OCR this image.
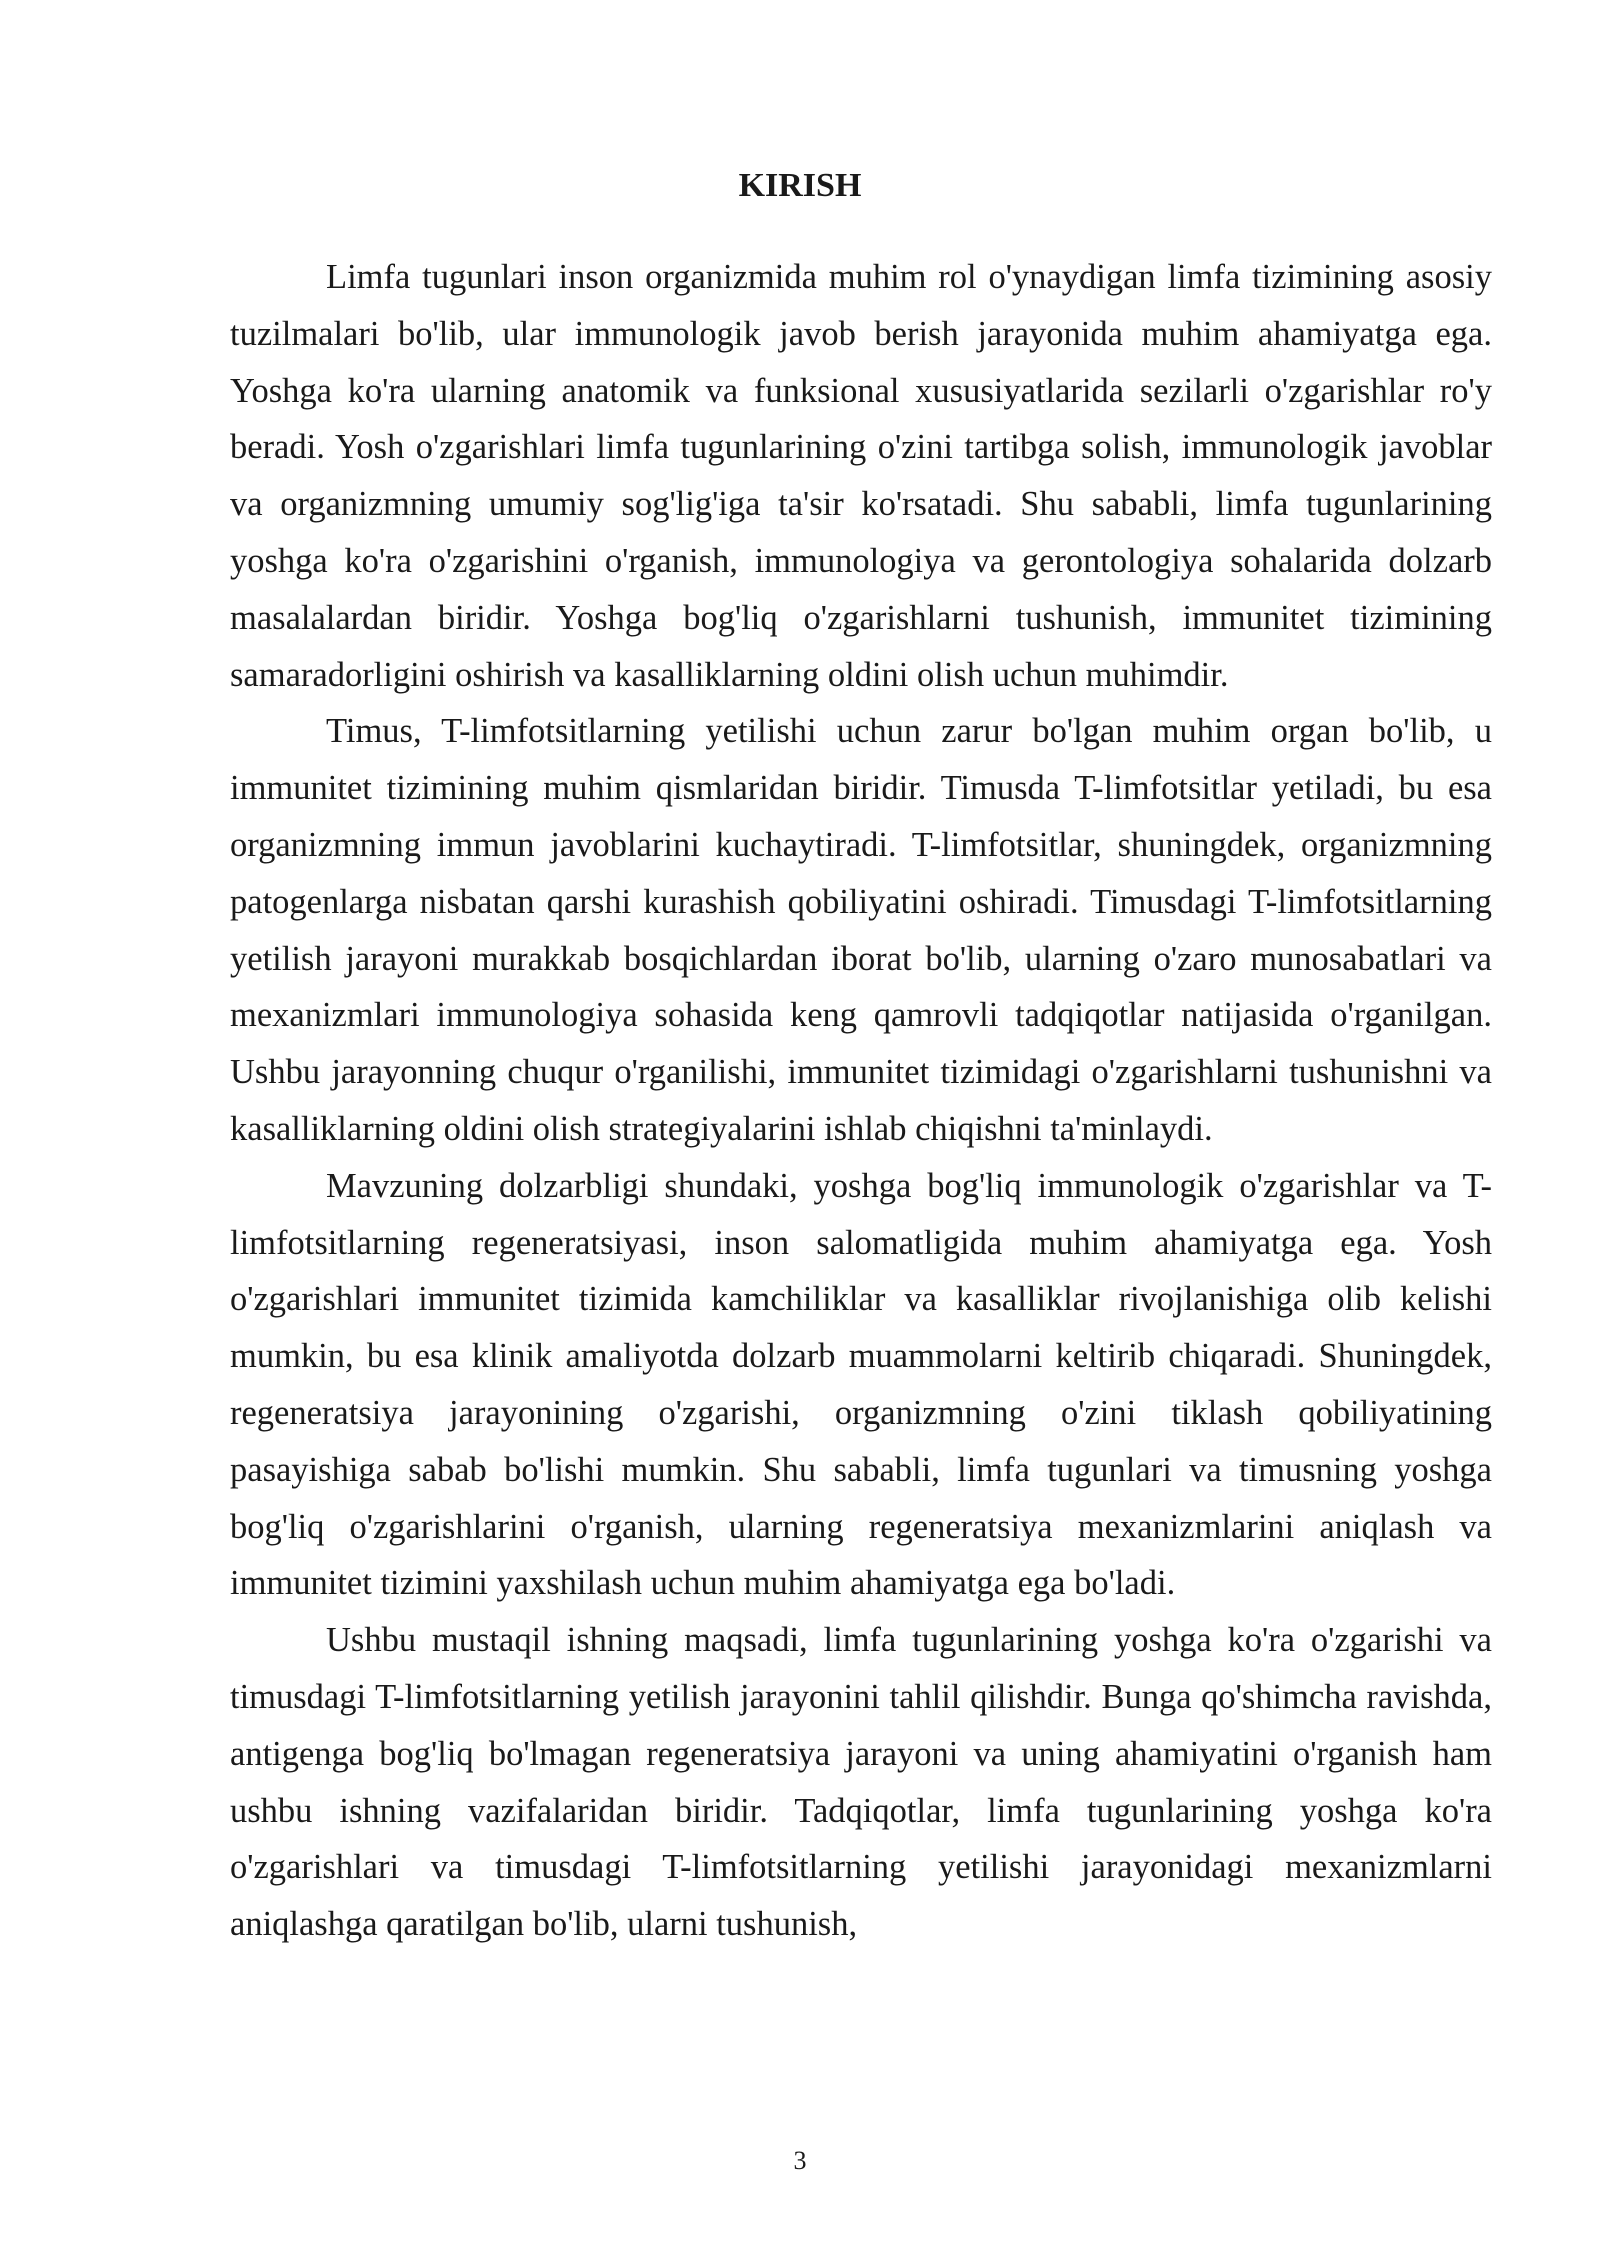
KIRISH

Limfa tugunlari inson organizmida muhim rol o'ynaydigan limfa tizimining asosiy tuzilmalari bo'lib, ular immunologik javob berish jarayonida muhim ahamiyatga ega. Yoshga ko'ra ularning anatomik va funksional xususiyatlarida sezilarli o'zgarishlar ro'y beradi. Yosh o'zgarishlari limfa tugunlarining o'zini tartibga solish, immunologik javoblar va organizmning umumiy sog'lig'iga ta'sir ko'rsatadi. Shu sababli, limfa tugunlarining yoshga ko'ra o'zgarishini o'rganish, immunologiya va gerontologiya sohalarida dolzarb masalalardan biridir. Yoshga bog'liq o'zgarishlarni tushunish, immunitet tizimining samaradorligini oshirish va kasalliklarning oldini olish uchun muhimdir.

Timus, T-limfotsitlarning yetilishi uchun zarur bo'lgan muhim organ bo'lib, u immunitet tizimining muhim qismlaridan biridir. Timusda T-limfotsitlar yetiladi, bu esa organizmning immun javoblarini kuchaytiradi. T-limfotsitlar, shuningdek, organizmning patogenlarga nisbatan qarshi kurashish qobiliyatini oshiradi. Timusdagi T-limfotsitlarning yetilish jarayoni murakkab bosqichlardan iborat bo'lib, ularning o'zaro munosabatlari va mexanizmlari immunologiya sohasida keng qamrovli tadqiqotlar natijasida o'rganilgan. Ushbu jarayonning chuqur o'rganilishi, immunitet tizimidagi o'zgarishlarni tushunishni va kasalliklarning oldini olish strategiyalarini ishlab chiqishni ta'minlaydi.

Mavzuning dolzarbligi shundaki, yoshga bog'liq immunologik o'zgarishlar va T-limfotsitlarning regeneratsiyasi, inson salomatligida muhim ahamiyatga ega. Yosh o'zgarishlari immunitet tizimida kamchiliklar va kasalliklar rivojlanishiga olib kelishi mumkin, bu esa klinik amaliyotda dolzarb muammolarni keltirib chiqaradi. Shuningdek, regeneratsiya jarayonining o'zgarishi, organizmning o'zini tiklash qobiliyatining pasayishiga sabab bo'lishi mumkin. Shu sababli, limfa tugunlari va timusning yoshga bog'liq o'zgarishlarini o'rganish, ularning regeneratsiya mexanizmlarini aniqlash va immunitet tizimini yaxshilash uchun muhim ahamiyatga ega bo'ladi.

Ushbu mustaqil ishning maqsadi, limfa tugunlarining yoshga ko'ra o'zgarishi va timusdagi T-limfotsitlarning yetilish jarayonini tahlil qilishdir. Bunga qo'shimcha ravishda, antigenga bog'liq bo'lmagan regeneratsiya jarayoni va uning ahamiyatini o'rganish ham ushbu ishning vazifalaridan biridir. Tadqiqotlar, limfa tugunlarining yoshga ko'ra o'zgarishlari va timusdagi T-limfotsitlarning yetilishi jarayonidagi mexanizmlarni aniqlashga qaratilgan bo'lib, ularni tushunish,

3
